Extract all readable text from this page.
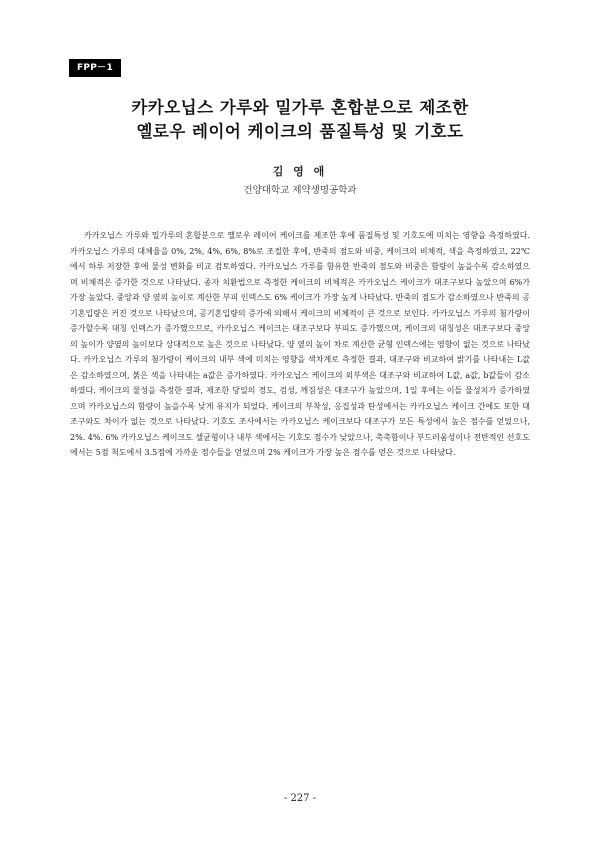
FPP－1
카카오닙스 가루와 밀가루 혼합분으로 제조한
옐로우 레이어 케이크의 품질특성 및 기호도
김 영 애
건양대학교 제약생명공학과

카카오닙스 가루와 밀가루의 혼합분으로 옐로우 레이어 케이크를 제조한 후에 품질특성 및 기호도에 미치는 영향을 측정하였다. 카카오닙스 가루의 대체율을 0%, 2%, 4%, 6%, 8%로 조절한 후에, 반죽의 점도와 비중, 케이크의 비체적, 색을 측정하였고, 22℃에서 하루 저장한 후에 물성 변화를 비교 검토하였다. 카카오닙스 가루를 함유한 반죽의 점도와 비중은 함량이 높을수록 감소하였으며 비체적은 증가한 것으로 나타났다. 종자 치환법으로 측정한 케이크의 비체적은 카카오닙스 케이크가 대조구보다 높았으며 6%가 가장 높았다. 중앙과 양 옆의 높이로 계산한 부피 인덱스도 6% 케이크가 가장 높게 나타났다. 반죽의 점도가 감소하였으나 반죽의 공기혼입량은 커진 것으로 나타났으며, 공기혼입량의 증가에 의해서 케이크의 비체적이 큰 것으로 보인다. 카카오닙스 가루의 첨가량이 증가할수록 대칭 인덱스가 증가했으므로, 카카오닙스 케이크는 대조구보다 부피도 증가했으며, 케이크의 대칭성은 대조구보다 중앙의 높이가 양옆의 높이보다 상대적으로 높은 것으로 나타났다. 양 옆의 높이 차로 계산한 균형 인덱스에는 영향이 없는 것으로 나타났다. 카카오닙스 가루의 첨가량이 케이크의 내부 색에 미치는 영향을 색차계로 측정한 결과, 대조구와 비교하여 밝기를 나타내는 L값은 감소하였으며, 붉은 색을 나타내는 a값은 증가하였다. 카카오닙스 케이크의 외부색은 대조구와 비교하여 L값, a값, b값들이 감소하였다. 케이크의 물성을 측정한 결과, 제조한 당일의 경도, 검성, 깨짐성은 대조구가 높았으며, 1일 후에는 이들 물성치가 증가하였으며 카카오닙스의 함량이 높을수록 낮게 유지가 되었다. 케이크의 부착성, 응집성과 탄성에서는 카카오닙스 케이크 간에도 또한 대조구와도 차이가 없는 것으로 나타났다. 기호도 조사에서는 카카오닙스 케이크보다 대조구가 모든 특성에서 높은 점수를 얻었으나, 2%. 4%. 6% 카카오닙스 케이크도 셀균형이나 내부 색에서는 기호도 점수가 낮았으나, 촉촉함이나 부드러움성이나 전반적인 선호도에서는 5점 척도에서 3.5점에 가까운 점수들을 얻었으며 2% 케이크가 가장 높은 점수를 얻은 것으로 나타났다.

- 227 -
